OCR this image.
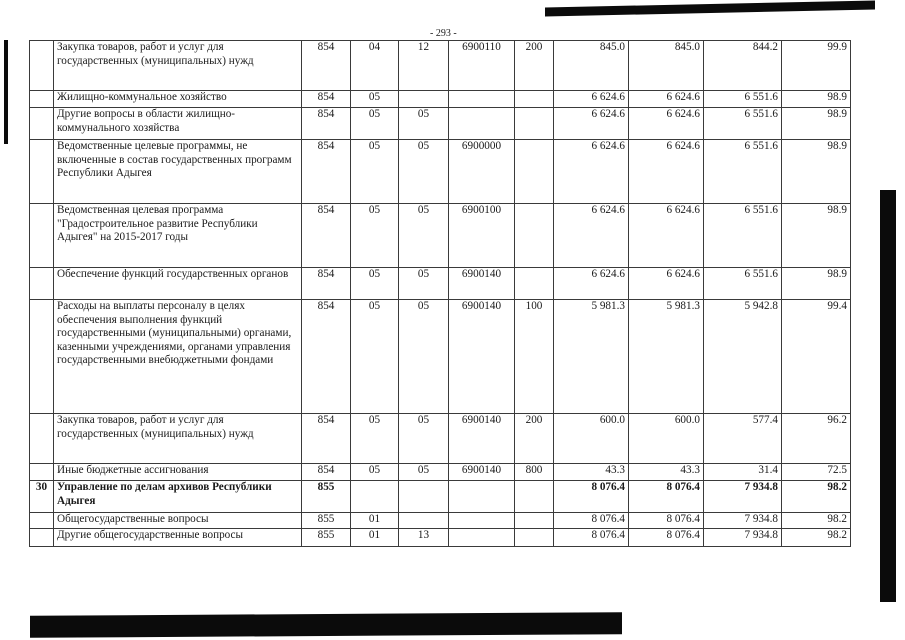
- 293 -
	Закупка товаров, работ и услуг для государственных (муниципальных) нужд	854	04	12	6900110	200	845.0	845.0	844.2	99.9
	Жилищно-коммунальное хозяйство	854	05				6 624.6	6 624.6	6 551.6	98.9
	Другие вопросы в области жилищно-коммунального хозяйства	854	05	05			6 624.6	6 624.6	6 551.6	98.9
	Ведомственные целевые программы, не включенные в состав государственных программ Республики Адыгея	854	05	05	6900000		6 624.6	6 624.6	6 551.6	98.9
	Ведомственная целевая программа "Градостроительное развитие Республики Адыгея" на 2015-2017 годы	854	05	05	6900100		6 624.6	6 624.6	6 551.6	98.9
	Обеспечение функций государственных органов	854	05	05	6900140		6 624.6	6 624.6	6 551.6	98.9
	Расходы на выплаты персоналу в целях обеспечения выполнения функций государственными (муниципальными) органами, казенными учреждениями, органами управления государственными внебюджетными фондами	854	05	05	6900140	100	5 981.3	5 981.3	5 942.8	99.4
	Закупка товаров, работ и услуг для государственных (муниципальных) нужд	854	05	05	6900140	200	600.0	600.0	577.4	96.2
	Иные бюджетные ассигнования	854	05	05	6900140	800	43.3	43.3	31.4	72.5
30	Управление по делам архивов Республики Адыгея	855					8 076.4	8 076.4	7 934.8	98.2
	Общегосударственные вопросы	855	01				8 076.4	8 076.4	7 934.8	98.2
	Другие общегосударственные вопросы	855	01	13			8 076.4	8 076.4	7 934.8	98.2
